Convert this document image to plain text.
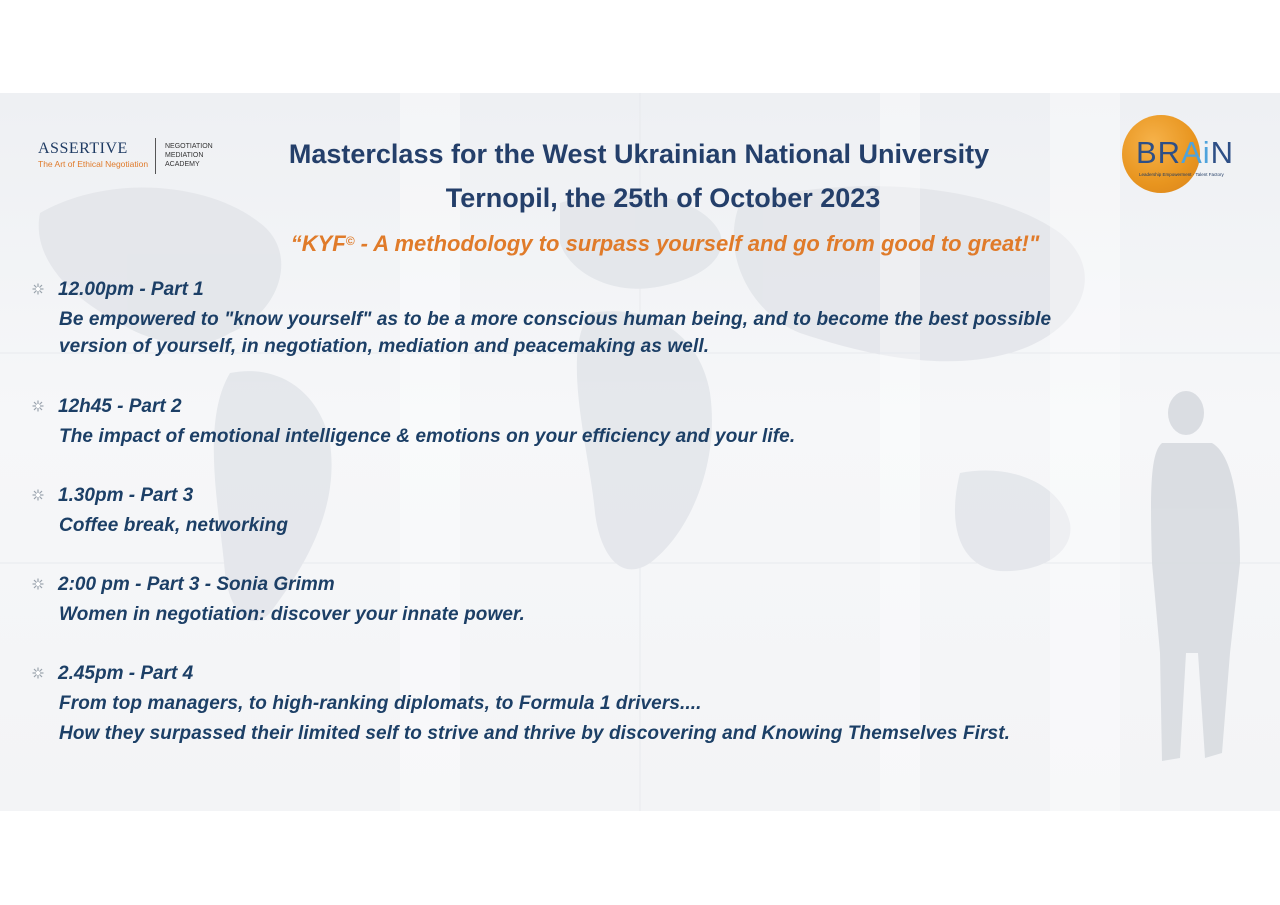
ASSERTIVE
The Art of Ethical Negotiation
NEGOTIATION
MEDIATION
ACADEMY	BRAiN
Leadership Empowerment · Talent Factory
Masterclass for the West Ukrainian National University
Ternopil, the 25th of October 2023
“KYF© - A methodology to surpass yourself and go from good to great!"
12.00pm - Part 1
Be empowered to "know yourself" as to be a more conscious human being, and to become the best possible
version of yourself, in negotiation, mediation and peacemaking as well.
12h45 - Part 2
The impact of emotional intelligence & emotions on your efficiency and your life.
1.30pm - Part 3
Coffee break, networking
2:00 pm - Part 3 - Sonia Grimm
Women in negotiation: discover your innate power.
2.45pm - Part 4
From top managers, to high-ranking diplomats, to Formula 1 drivers....
How they surpassed their limited self to strive and thrive by discovering and Knowing Themselves First.
